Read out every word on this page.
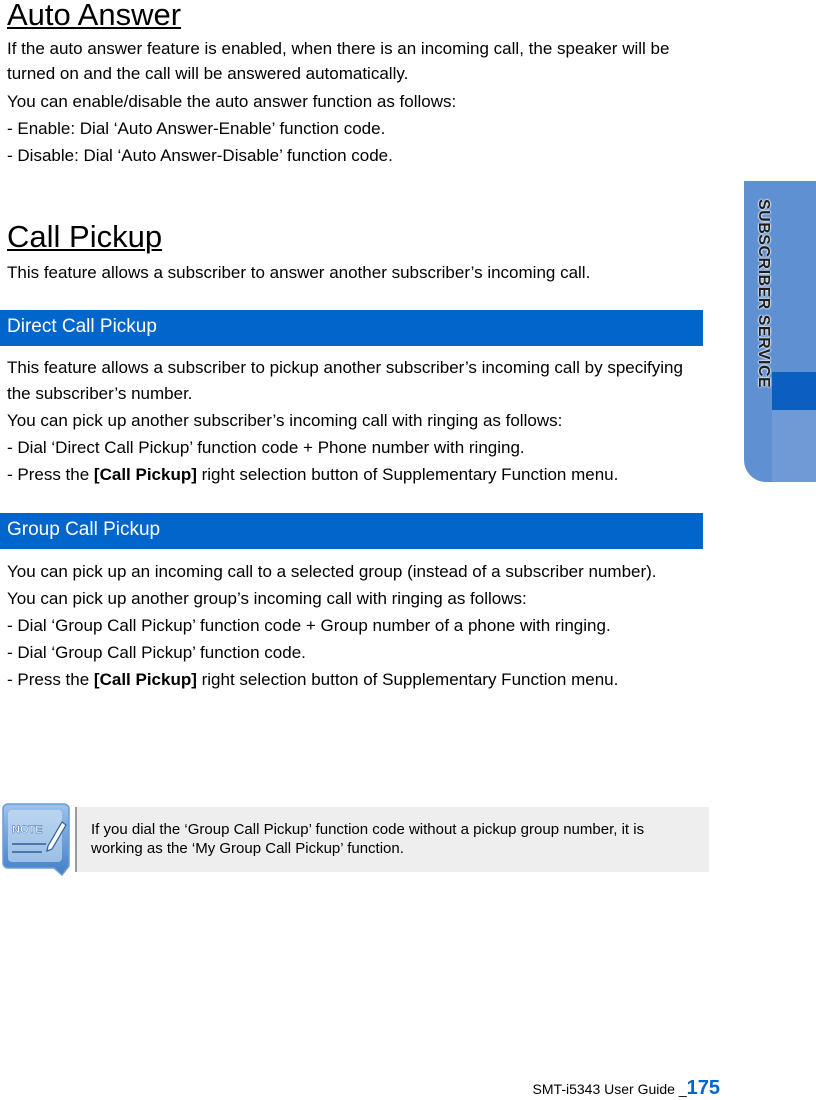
Auto Answer

If the auto answer feature is enabled, when there is an incoming call, the speaker will be turned on and the call will be answered automatically.

You can enable/disable the auto answer function as follows:

- Enable: Dial ‘Auto Answer-Enable’ function code.

- Disable: Dial ‘Auto Answer-Disable’ function code.

Call Pickup

This feature allows a subscriber to answer another subscriber’s incoming call.

Direct Call Pickup

This feature allows a subscriber to pickup another subscriber’s incoming call by specifying the subscriber’s number.

You can pick up another subscriber’s incoming call with ringing as follows:

- Dial ‘Direct Call Pickup’ function code + Phone number with ringing.

- Press the [Call Pickup] right selection button of Supplementary Function menu.

Group Call Pickup

You can pick up an incoming call to a selected group (instead of a subscriber number).

You can pick up another group’s incoming call with ringing as follows:

- Dial ‘Group Call Pickup’ function code + Group number of a phone with ringing.

- Dial ‘Group Call Pickup’ function code.

- Press the [Call Pickup] right selection button of Supplementary Function menu.

NOTE	If you dial the ‘Group Call Pickup’ function code without a pickup group number, it is working as the ‘My Group Call Pickup’ function.
SUBSCRIBER SERVICE
SMT-i5343 User Guide _175
